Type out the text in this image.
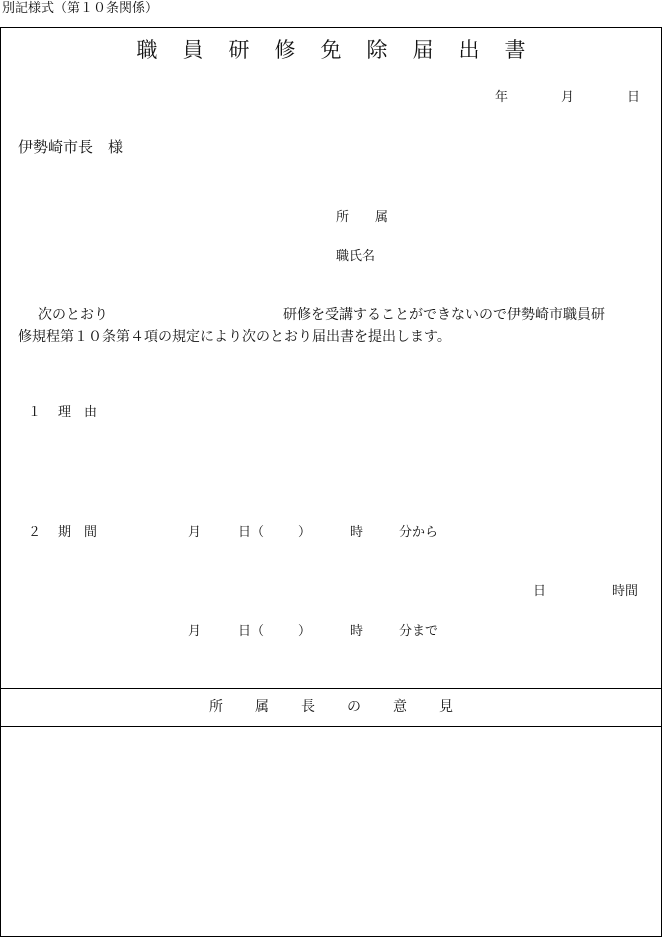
別記様式（第１０条関係）
職	員	研	修	免	除	届	出	書
年	月	日
伊勢崎市長　様
所　　属
職氏名
次のとおり	研修を受講することができないので伊勢崎市職員研
修規程第１０条第４項の規定により次のとおり届出書を提出します。
１ 理　由
２ 期　間	月	日（	）	時	分から
日	時間
月	日（	）	時	分まで
所	属	長	の	意	見
